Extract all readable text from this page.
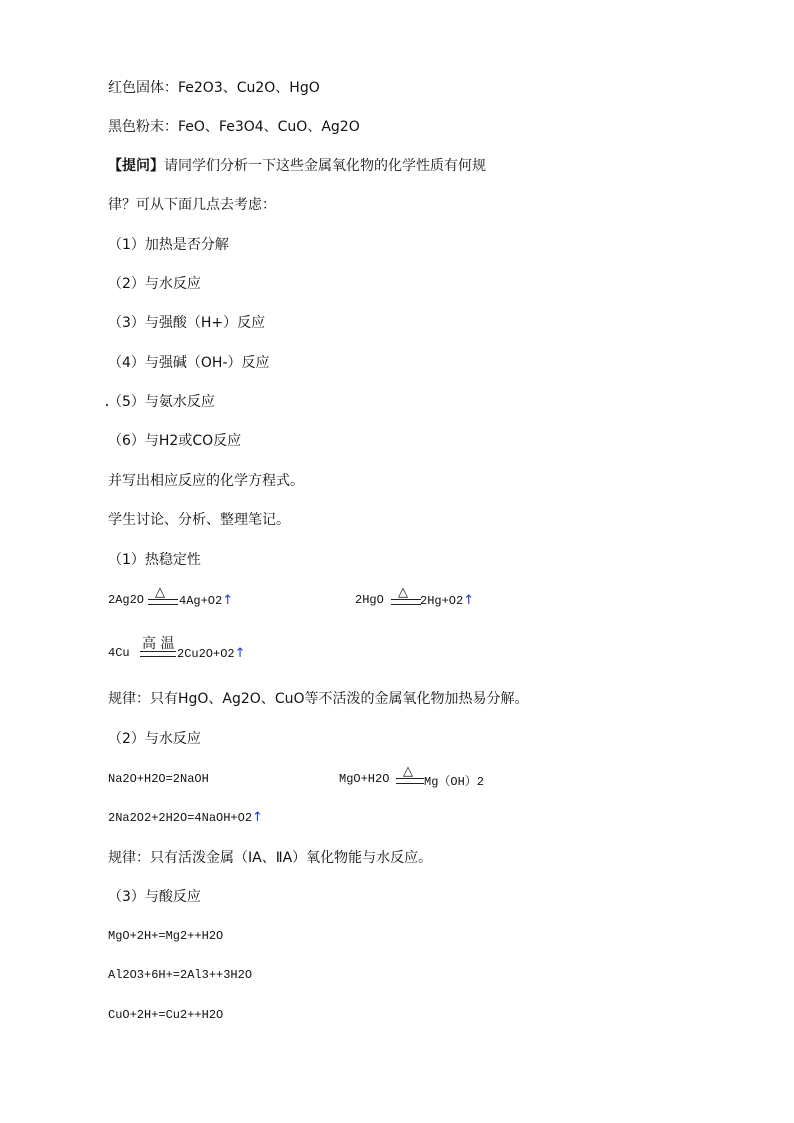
红色固体：Fe2O3、Cu2O、HgO
黑色粉末：FeO、Fe3O4、CuO、Ag2O
【提问】请同学们分析一下这些金属氧化物的化学性质有何规
律？可从下面几点去考虑：
（1）加热是否分解
（2）与水反应
（3）与强酸（H+）反应
（4）与强碱（OH-）反应
（5）与氨水反应
（6）与H2或CO反应
并写出相应反应的化学方程式。
学生讨论、分析、整理笔记。
（1）热稳定性
2Ag2O △
4Ag+O2↑	2HgO △
2Hg+O2↑
4Cu
高 温
2Cu2O+O2↑
规律：只有HgO、Ag2O、CuO等不活泼的金属氧化物加热易分解。
（2）与水反应
Na2O+H2O=2NaOH	MgO+H2O △
Mg（OH）2
2Na2O2+2H2O=4NaOH+O2↑
规律：只有活泼金属（ⅠA、ⅡA）氧化物能与水反应。
（3）与酸反应
MgO+2H+=Mg2++H2O
Al2O3+6H+=2Al3++3H2O
CuO+2H+=Cu2++H2O
